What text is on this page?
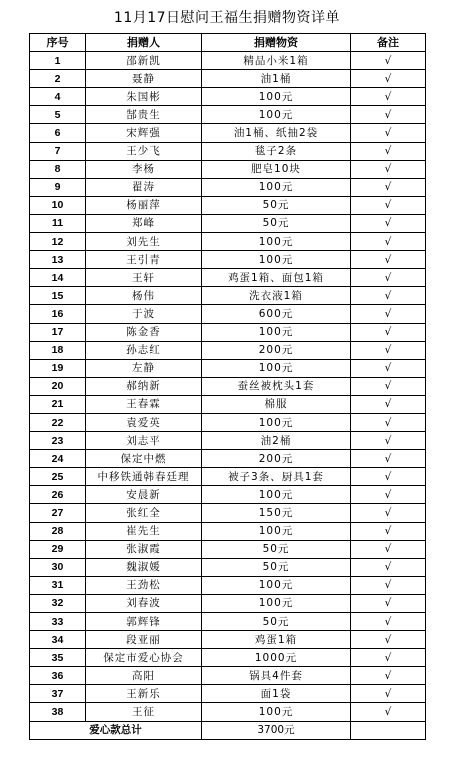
11月17日慰问王福生捐赠物资详单
序号	捐赠人	捐赠物资	备注
1	邵新凯	精品小米1箱	√
2	聂静	油1桶	√
4	朱国彬	100元	√
5	郜贵生	100元	√
6	宋辉强	油1桶、纸抽2袋	√
7	王少飞	毯子2条	√
8	李杨	肥皂10块	√
9	翟涛	100元	√
10	杨丽萍	50元	√
11	郑峰	50元	√
12	刘先生	100元	√
13	王引青	100元	√
14	王轩	鸡蛋1箱、面包1箱	√
15	杨伟	洗衣液1箱	√
16	于波	600元	√
17	陈金香	100元	√
18	孙志红	200元	√
19	左静	100元	√
20	郝纳新	蚕丝被枕头1套	√
21	王春霖	棉服	√
22	袁爱英	100元	√
23	刘志平	油2桶	√
24	保定中燃	200元	√
25	中移铁通韩春廷理	被子3条、厨具1套	√
26	安晨新	100元	√
27	张红全	150元	√
28	崔先生	100元	√
29	张淑霞	50元	√
30	魏淑媛	50元	√
31	王劲松	100元	√
32	刘春波	100元	√
33	郭辉锋	50元	√
34	段亚丽	鸡蛋1箱	√
35	保定市爱心协会	1000元	√
36	高阳	锅具4件套	√
37	王新乐	面1袋	√
38	王征	100元	√
爱心款总计		3700元	
